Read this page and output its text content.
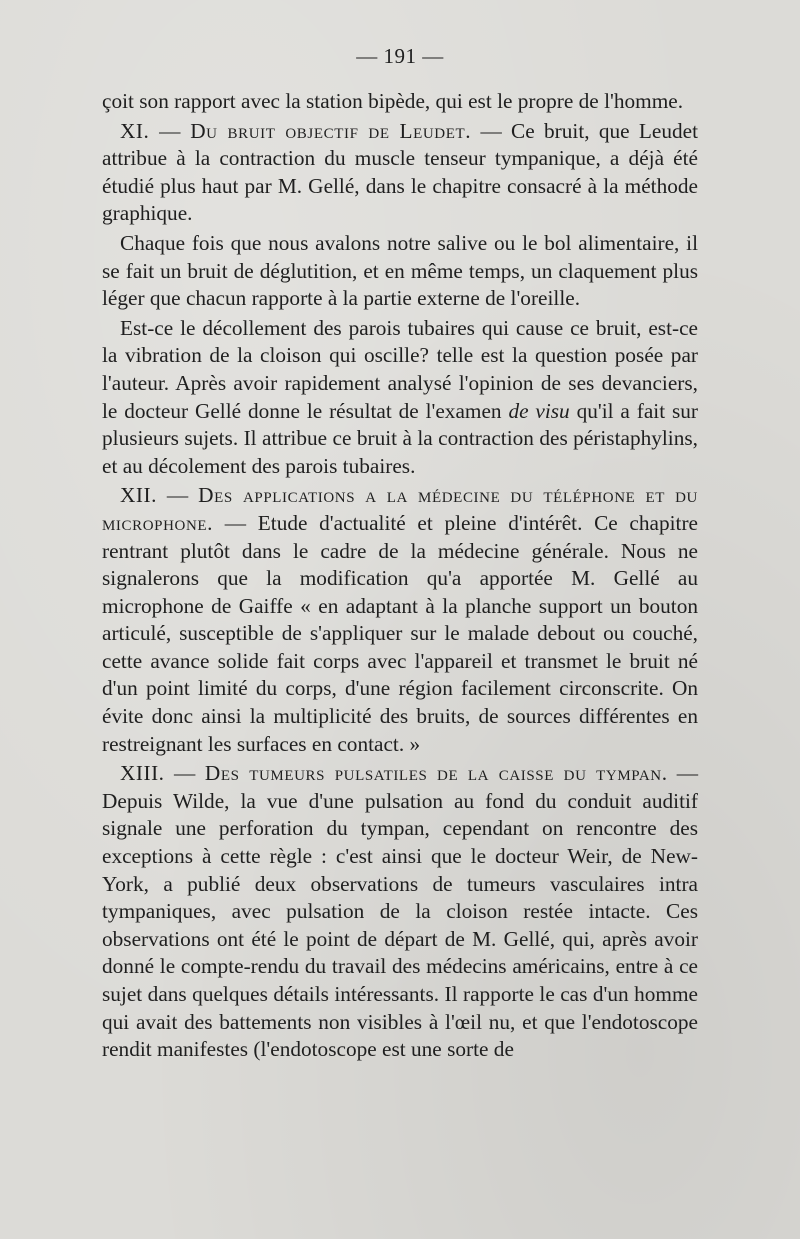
— 191 —

çoit son rapport avec la station bipède, qui est le propre de l'homme.

XI. — Du bruit objectif de Leudet. — Ce bruit, que Leudet attribue à la contraction du muscle tenseur tympanique, a déjà été étudié plus haut par M. Gellé, dans le chapitre consacré à la méthode graphique.

Chaque fois que nous avalons notre salive ou le bol alimentaire, il se fait un bruit de déglutition, et en même temps, un claquement plus léger que chacun rapporte à la partie externe de l'oreille.

Est-ce le décollement des parois tubaires qui cause ce bruit, est-ce la vibration de la cloison qui oscille? telle est la question posée par l'auteur. Après avoir rapidement analysé l'opinion de ses devanciers, le docteur Gellé donne le résultat de l'examen de visu qu'il a fait sur plusieurs sujets. Il attribue ce bruit à la contraction des péristaphylins, et au décolement des parois tubaires.

XII. — Des applications a la médecine du téléphone et du microphone. — Etude d'actualité et pleine d'intérêt. Ce chapitre rentrant plutôt dans le cadre de la médecine générale. Nous ne signalerons que la modification qu'a apportée M. Gellé au microphone de Gaiffe « en adaptant à la planche support un bouton articulé, susceptible de s'appliquer sur le malade debout ou couché, cette avance solide fait corps avec l'appareil et transmet le bruit né d'un point limité du corps, d'une région facilement circonscrite. On évite donc ainsi la multiplicité des bruits, de sources différentes en restreignant les surfaces en contact. »

XIII. — Des tumeurs pulsatiles de la caisse du tympan. — Depuis Wilde, la vue d'une pulsation au fond du conduit auditif signale une perforation du tympan, cependant on rencontre des exceptions à cette règle : c'est ainsi que le docteur Weir, de New-York, a publié deux observations de tumeurs vasculaires intra tympaniques, avec pulsation de la cloison restée intacte. Ces observations ont été le point de départ de M. Gellé, qui, après avoir donné le compte-rendu du travail des médecins américains, entre à ce sujet dans quelques détails intéressants. Il rapporte le cas d'un homme qui avait des battements non visibles à l'œil nu, et que l'endotoscope rendit manifestes (l'endotoscope est une sorte de
